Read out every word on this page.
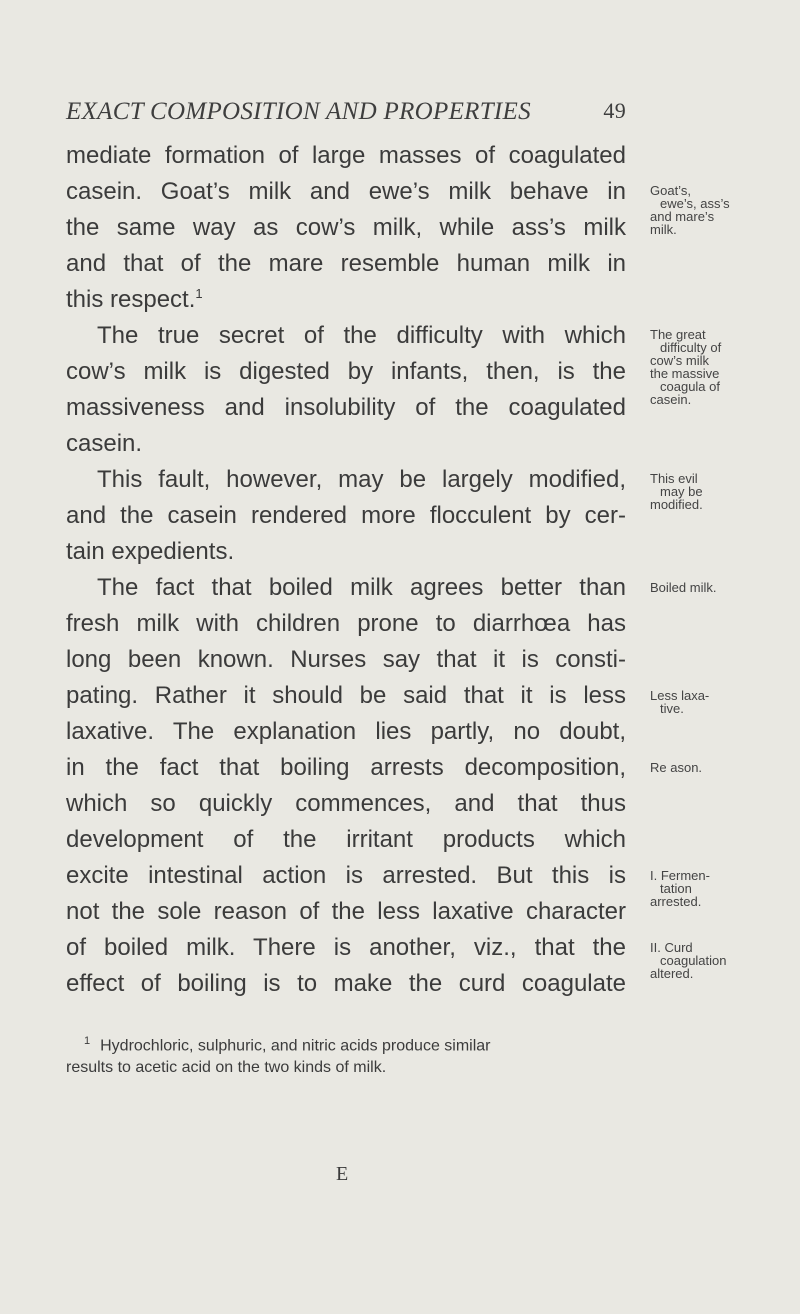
EXACT COMPOSITION AND PROPERTIES	49
mediate formation of large masses of coagulated
casein. Goat’s milk and ewe’s milk behave in
the same way as cow’s milk, while ass’s milk
and that of the mare resemble human milk in
this respect.$^1$
The true secret of the difficulty with which
cow’s milk is digested by infants, then, is the
massiveness and insolubility of the coagulated
casein.
This fault, however, may be largely modified,
and the casein rendered more flocculent by cer-
tain expedients.
The fact that boiled milk agrees better than
fresh milk with children prone to diarrhœa has
long been known. Nurses say that it is consti-
pating. Rather it should be said that it is less
laxative. The explanation lies partly, no doubt,
in the fact that boiling arrests decomposition,
which so quickly commences, and that thus
development of the irritant products which
excite intestinal action is arrested. But this is
not the sole reason of the less laxative character
of boiled milk. There is another, viz., that the
effect of boiling is to make the curd coagulate
Goat’s,
ewe’s, ass’s
and mare’s
milk.
The great
difficulty of
cow’s milk
the massive
coagula of
casein.
This evil
may be
modified.
Boiled milk.
Less laxa-
tive.
Re ason.
I. Fermen-
tation
arrested.
II. Curd
coagulation
altered.
$^1$ Hydrochloric, sulphuric, and nitric acids produce similar
results to acetic acid on the two kinds of milk.
E
